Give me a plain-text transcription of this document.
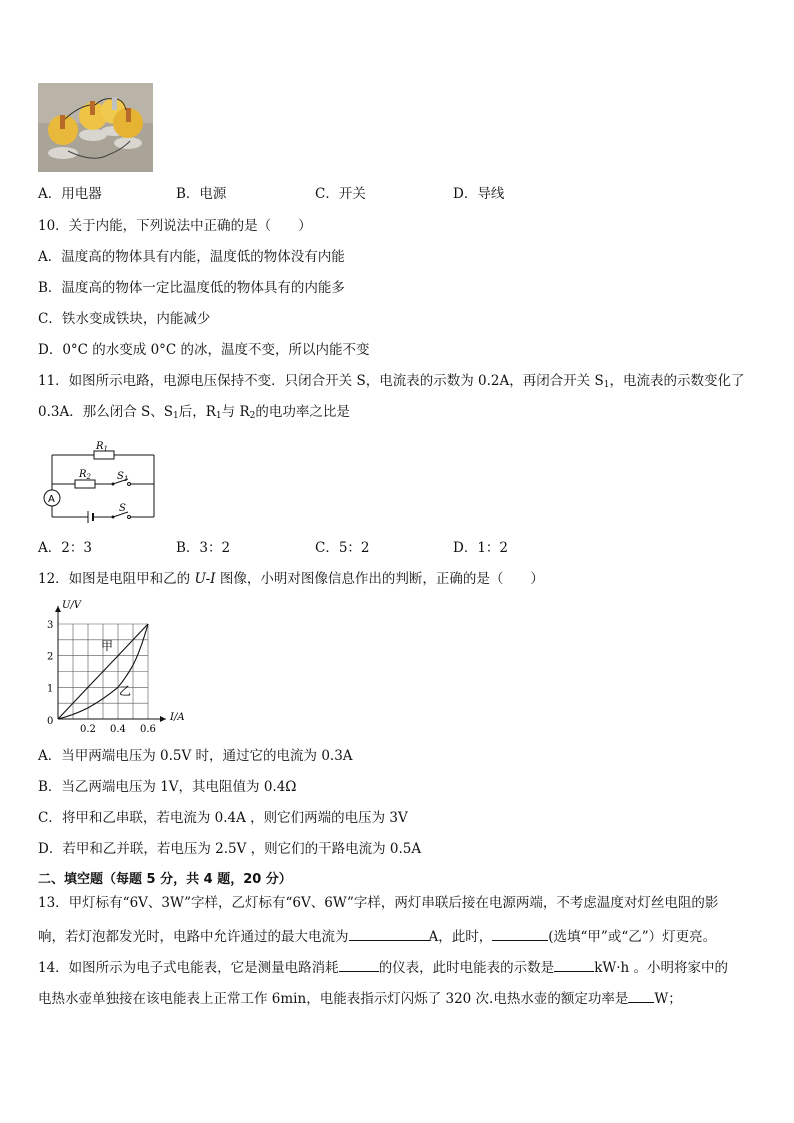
A．用电器	B．电源	C．开关	D．导线
10．关于内能，下列说法中正确的是（　　）
A．温度高的物体具有内能，温度低的物体没有内能
B．温度高的物体一定比温度低的物体具有的内能多
C．铁水变成铁块，内能减少
D．0°C 的水变成 0°C 的冰，温度不变，所以内能不变
11．如图所示电路，电源电压保持不变．只闭合开关 S，电流表的示数为 0.2A，再闭合开关 $S_1$，电流表的示数变化了
0.3A．那么闭合 S、$S_1$后，$R_1$与 $R_2$的电功率之比是
$R_1$
$R_2$	$S_1$
S
A
A．2：3	B．3：2	C．5：2	D．1：2
12．如图是电阻甲和乙的 U-I 图像，小明对图像信息作出的判断，正确的是（　　）
甲
乙
0.2 0.4 0.6
1
2
3
0	I/A
U/V
A．当甲两端电压为 0.5V 时，通过它的电流为 0.3A
B．当乙两端电压为 1V，其电阻值为 0.4Ω
C．将甲和乙串联，若电流为 0.4A ，则它们两端的电压为 3V
D．若甲和乙并联，若电压为 2.5V ，则它们的干路电流为 0.5A
二、填空题（每题 5 分，共 4 题，20 分）
13．甲灯标有“6V、3W”字样，乙灯标有“6V、6W”字样，两灯串联后接在电源两端，不考虑温度对灯丝电阻的影
响，若灯泡都发光时，电路中允许通过的最大电流为	A，此时，	(选填“甲”或“乙”）灯更亮。
14．如图所示为电子式电能表，它是测量电路消耗	的仪表，此时电能表的示数是	kW·h 。小明将家中的
电热水壶单独接在该电能表上正常工作 6min，电能表指示灯闪烁了 320 次.电热水壶的额定功率是 W；
